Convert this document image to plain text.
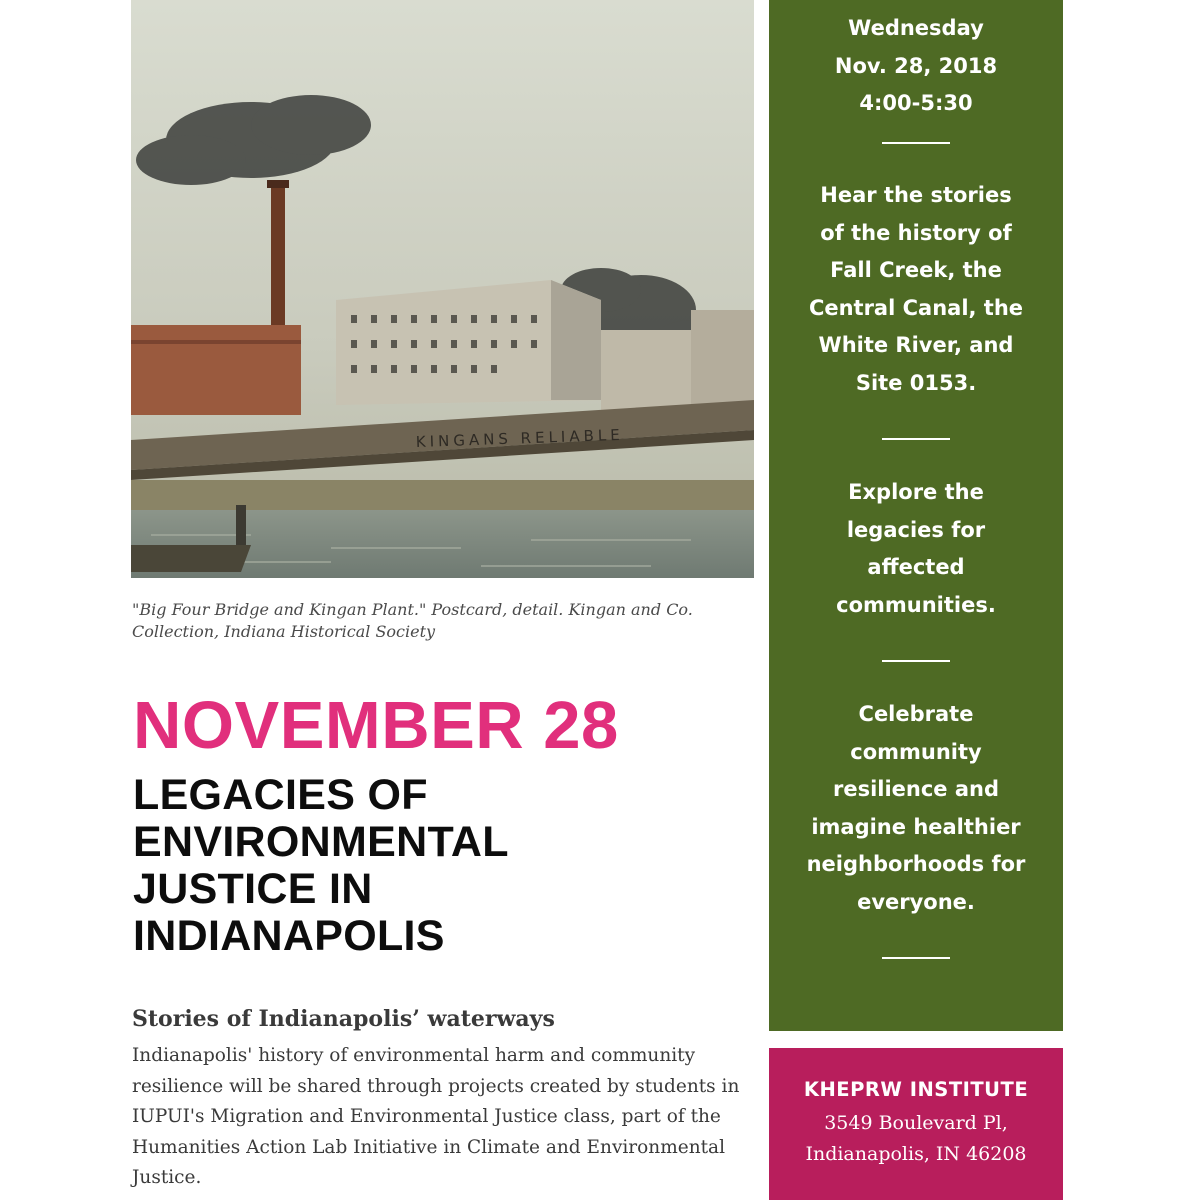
KINGANS RELIABLE
"Big Four Bridge and Kingan Plant." Postcard, detail. Kingan and Co. Collection, Indiana Historical Society
NOVEMBER 28
LEGACIES OF
ENVIRONMENTAL
JUSTICE IN
INDIANAPOLIS
Stories of Indianapolis’ waterways

Indianapolis' history of environmental harm and community
resilience will be shared through projects created by students in
IUPUI's Migration and Environmental Justice class, part of the
Humanities Action Lab Initiative in Climate and Environmental
Justice.

Wednesday
Nov. 28, 2018
4:00-5:30
Hear the stories
of the history of
Fall Creek, the
Central Canal, the
White River, and
Site 0153.
Explore the
legacies for
affected
communities.
Celebrate
community
resilience and
imagine healthier
neighborhoods for
everyone.
KHEPRW INSTITUTE
3549 Boulevard Pl,
Indianapolis, IN 46208
